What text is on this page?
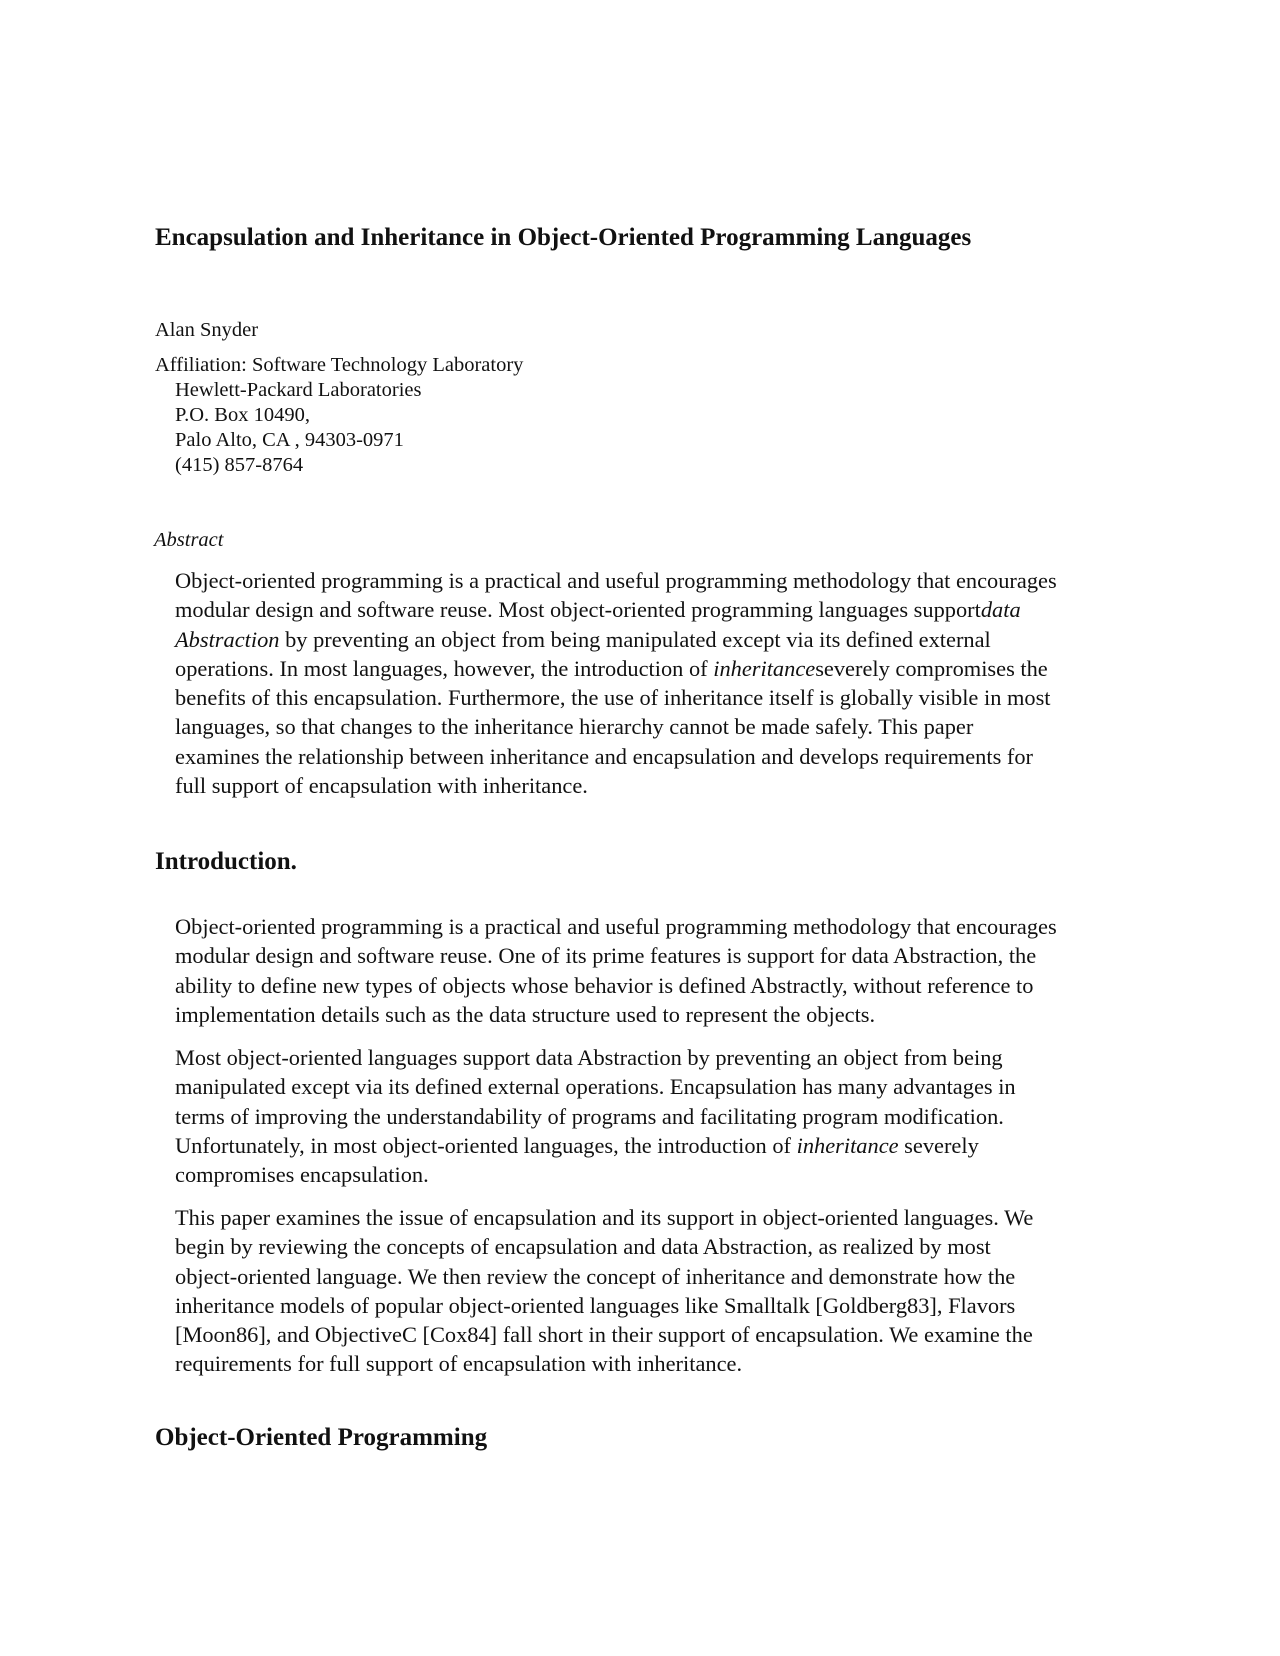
Encapsulation and Inheritance in Object-Oriented Programming Languages
Alan Snyder
Affiliation: Software Technology Laboratory
Hewlett-Packard Laboratories
P.O. Box 10490,
Palo Alto, CA , 94303-0971
(415) 857-8764
Abstract
Object-oriented programming is a practical and useful programming methodology that encourages
modular design and software reuse. Most object-oriented programming languages supportdata
Abstraction by preventing an object from being manipulated except via its defined external
operations. In most languages, however, the introduction of inheritanceseverely compromises the
benefits of this encapsulation. Furthermore, the use of inheritance itself is globally visible in most
languages, so that changes to the inheritance hierarchy cannot be made safely. This paper
examines the relationship between inheritance and encapsulation and develops requirements for
full support of encapsulation with inheritance.
Introduction.
Object-oriented programming is a practical and useful programming methodology that encourages
modular design and software reuse. One of its prime features is support for data Abstraction, the
ability to define new types of objects whose behavior is defined Abstractly, without reference to
implementation details such as the data structure used to represent the objects.
Most object-oriented languages support data Abstraction by preventing an object from being
manipulated except via its defined external operations. Encapsulation has many advantages in
terms of improving the understandability of programs and facilitating program modification.
Unfortunately, in most object-oriented languages, the introduction of inheritance severely
compromises encapsulation.
This paper examines the issue of encapsulation and its support in object-oriented languages. We
begin by reviewing the concepts of encapsulation and data Abstraction, as realized by most
object-oriented language. We then review the concept of inheritance and demonstrate how the
inheritance models of popular object-oriented languages like Smalltalk [Goldberg83], Flavors
[Moon86], and ObjectiveC [Cox84] fall short in their support of encapsulation. We examine the
requirements for full support of encapsulation with inheritance.
Object-Oriented Programming
